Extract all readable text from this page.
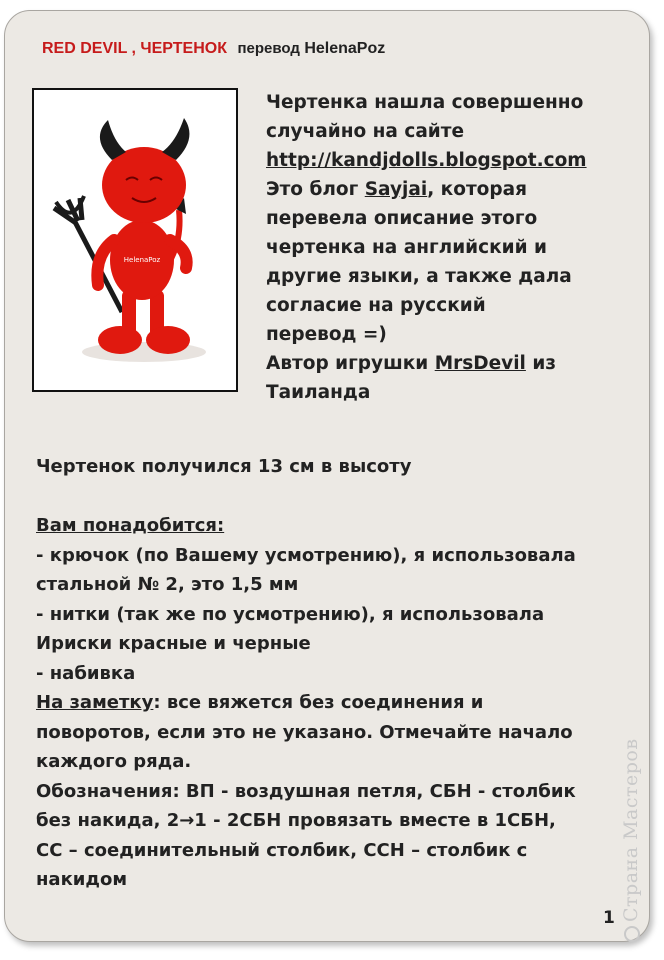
RED DEVIL , ЧЕРТЕНОК перевод HelenaPoz
HelenaPoz
Чертенка нашла совершенно
случайно на сайте
http://kandjdolls.blogspot.com
Это блог Sayjai, которая
перевела описание этого
чертенка на английский и
другие языки, а также дала
согласие на русский
перевод =)
Автор игрушки MrsDevil из
Таиланда
Чертенок получился 13 см в высоту
Вам понадобится:
- крючок (по Вашему усмотрению), я использовала
стальной № 2, это 1,5 мм
- нитки (так же по усмотрению), я использовала
Ириски красные и черные
- набивка
На заметку: все вяжется без соединения и
поворотов, если это не указано. Отмечайте начало
каждого ряда.
Обозначения: ВП - воздушная петля, СБН - столбик
без накида, 2→1 - 2СБН провязать вместе в 1СБН,
СС – соединительный столбик, ССН – столбик с
накидом
1 Страна Мастеров
